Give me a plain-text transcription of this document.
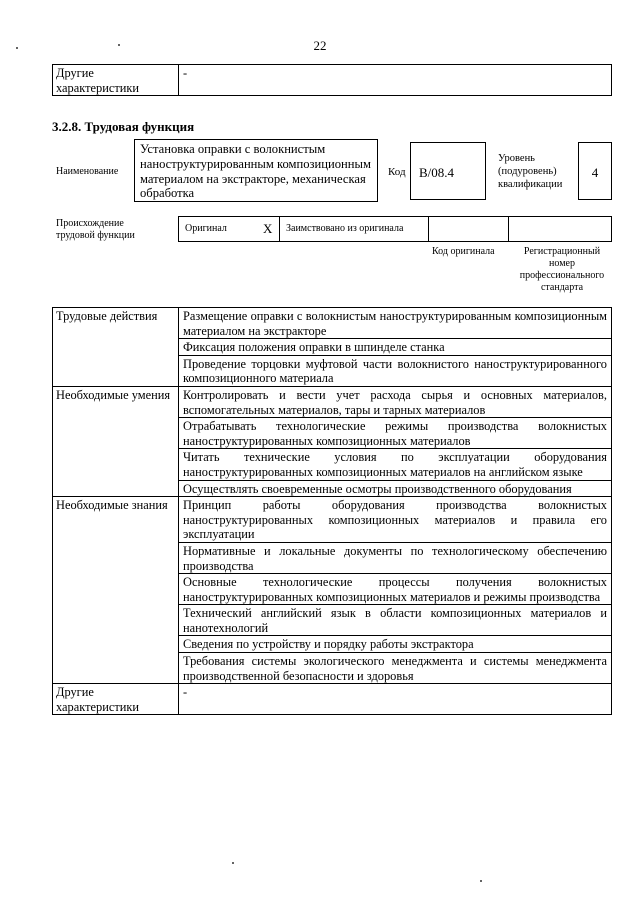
22
Другие характеристики	-
3.2.8. Трудовая функция
Наименование
Установка оправки с волокнистым наноструктурированным композиционным материалом на экстракторе, механическая обработка
Код	B/08.4
Уровень (подуровень) квалификации
4
Происхождение трудовой функции
Оригинал	X	Заимствовано из оригинала
Код оригинала	Регистрационный номер профессионального стандарта
Трудовые действия	Размещение оправки с волокнистым наноструктурированным композиционным материалом на экстракторе
	Фиксация положения оправки в шпинделе станка
	Проведение торцовки муфтовой части волокнистого наноструктурированного композиционного материала
Необходимые умения	Контролировать и вести учет расхода сырья и основных материалов, вспомогательных материалов, тары и тарных материалов
	Отрабатывать технологические режимы производства волокнистых наноструктурированных композиционных материалов
	Читать технические условия по эксплуатации оборудования наноструктурированных композиционных материалов на английском языке
	Осуществлять своевременные осмотры производственного оборудования
Необходимые знания	Принцип работы оборудования производства волокнистых наноструктурированных композиционных материалов и правила его эксплуатации
	Нормативные и локальные документы по технологическому обеспечению производства
	Основные технологические процессы получения волокнистых наноструктурированных композиционных материалов и режимы производства
	Технический английский язык в области композиционных материалов и нанотехнологий
	Сведения по устройству и порядку работы экстрактора
	Требования системы экологического менеджмента и системы менеджмента производственной безопасности и здоровья
Другие характеристики	-
